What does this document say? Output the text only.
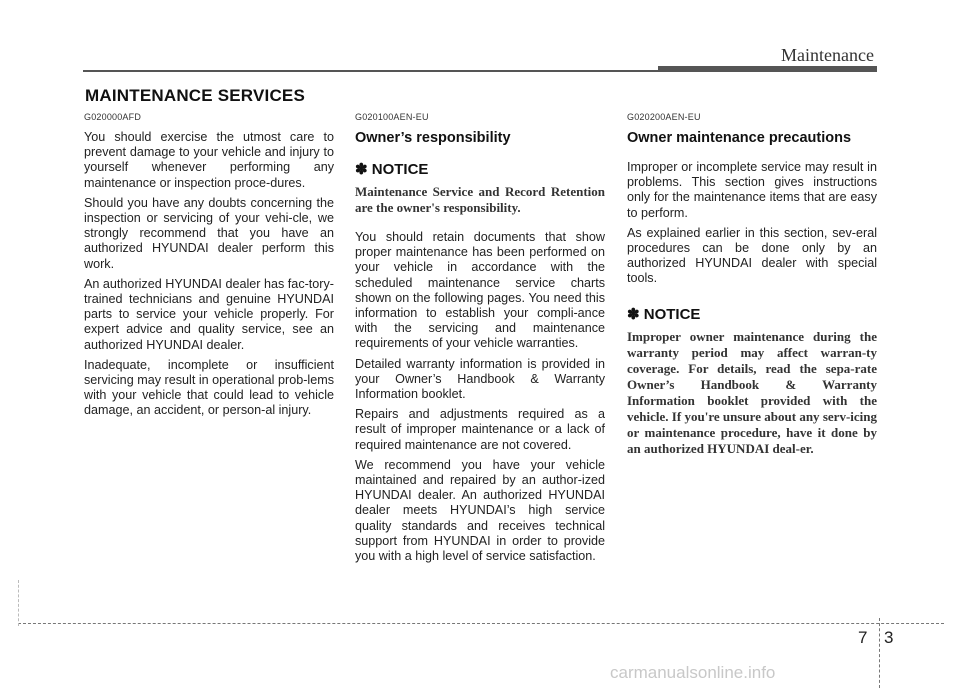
Maintenance
MAINTENANCE SERVICES

G020000AFD

You should exercise the utmost care to prevent damage to your vehicle and injury to yourself whenever performing any maintenance or inspection proce-dures.

Should you have any doubts concerning the inspection or servicing of your vehi-cle, we strongly recommend that you have an authorized HYUNDAI dealer perform this work.

An authorized HYUNDAI dealer has fac-tory-trained technicians and genuine HYUNDAI parts to service your vehicle properly. For expert advice and quality service, see an authorized HYUNDAI dealer.

Inadequate, incomplete or insufficient servicing may result in operational prob-lems with your vehicle that could lead to vehicle damage, an accident, or person-al injury.

G020100AEN-EU

Owner’s responsibility

✽ NOTICE

Maintenance Service and Record Retention are the owner's responsibility.

You should retain documents that show proper maintenance has been performed on your vehicle in accordance with the scheduled maintenance service charts shown on the following pages. You need this information to establish your compli-ance with the servicing and maintenance requirements of your vehicle warranties.

Detailed warranty information is provided in your Owner’s Handbook & Warranty Information booklet.

Repairs and adjustments required as a result of improper maintenance or a lack of required maintenance are not covered.

We recommend you have your vehicle maintained and repaired by an author-ized HYUNDAI dealer. An authorized HYUNDAI dealer meets HYUNDAI’s high service quality standards and receives technical support from HYUNDAI in order to provide you with a high level of service satisfaction.

G020200AEN-EU

Owner maintenance precautions

Improper or incomplete service may result in problems. This section gives instructions only for the maintenance items that are easy to perform.

As explained earlier in this section, sev-eral procedures can be done only by an authorized HYUNDAI dealer with special tools.

✽ NOTICE

Improper owner maintenance during the warranty period may affect warran-ty coverage. For details, read the sepa-rate Owner’s Handbook & Warranty Information booklet provided with the vehicle. If you're unsure about any serv-icing or maintenance procedure, have it done by an authorized HYUNDAI deal-er.

7 3
carmanualsonline.info
